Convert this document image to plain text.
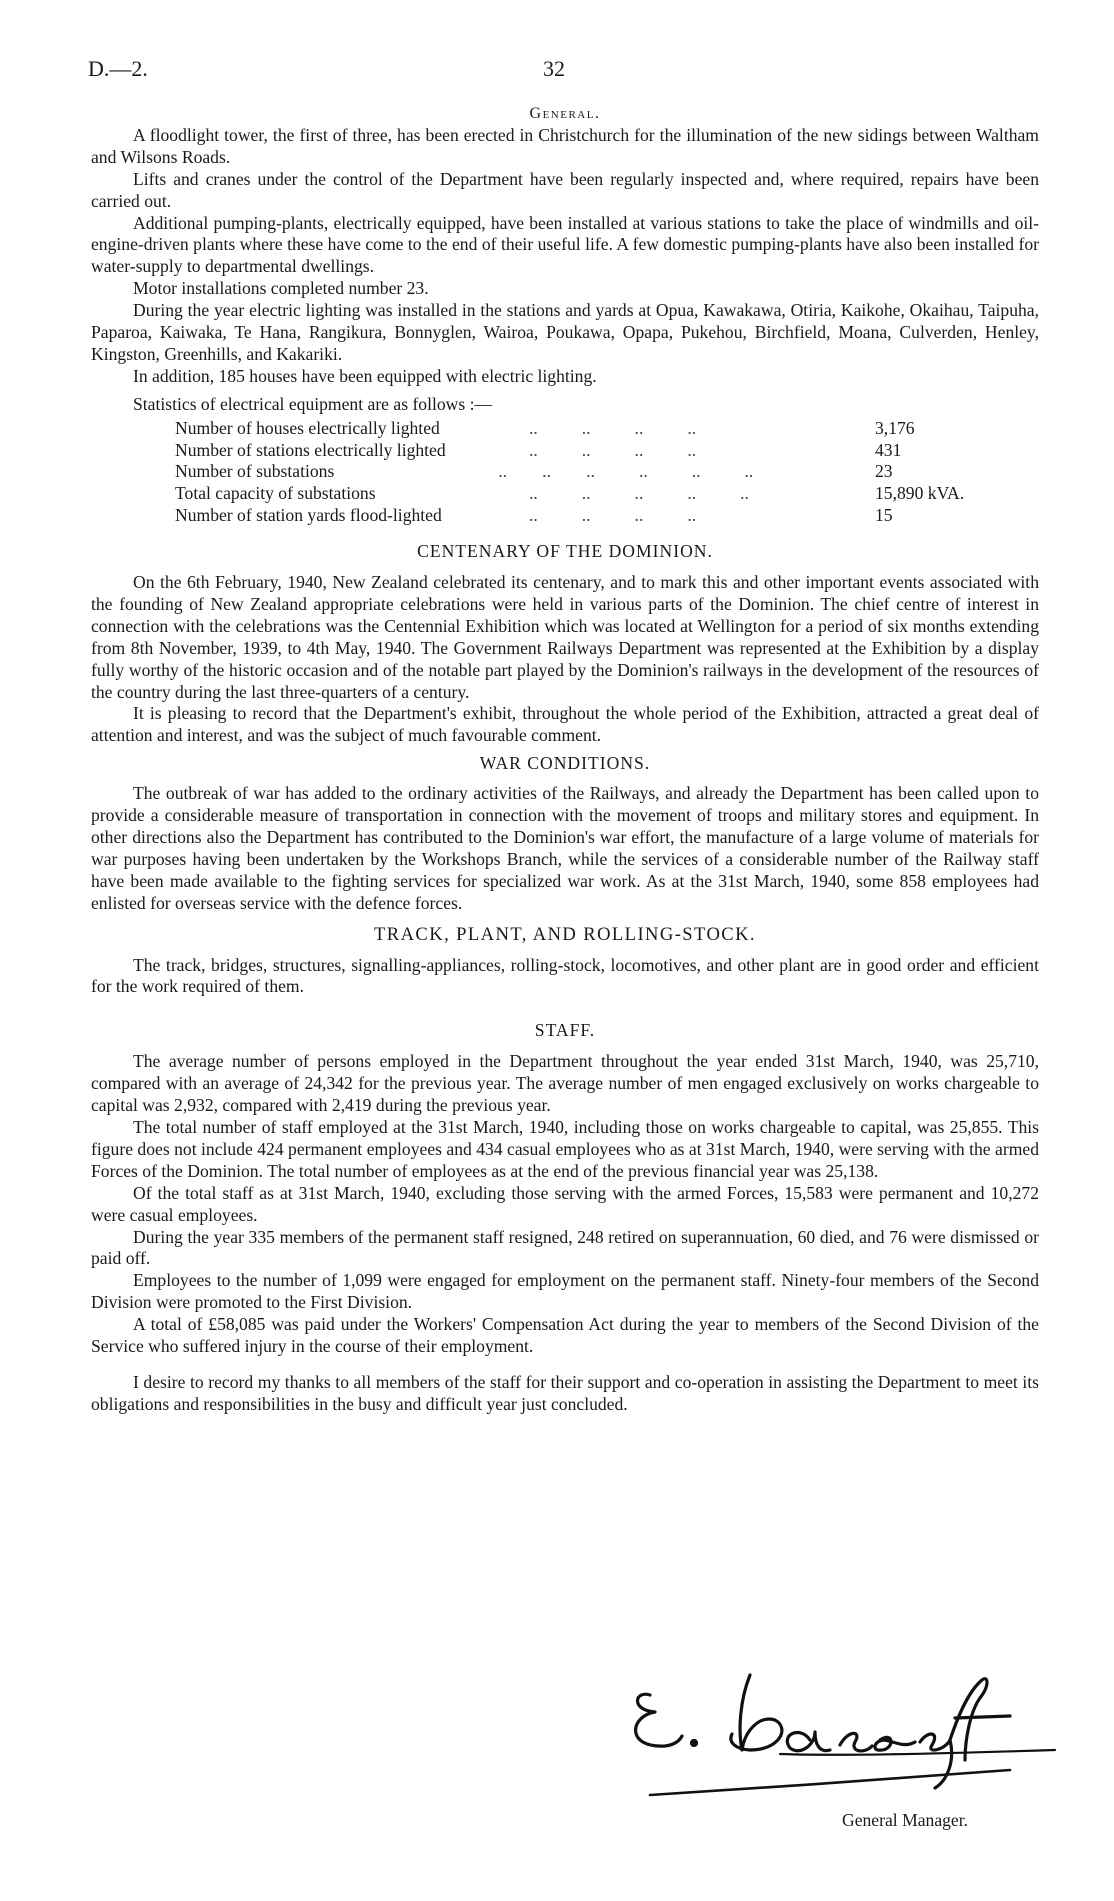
D.—2.	32
General.

A floodlight tower, the first of three, has been erected in Christchurch for the illumination of the new sidings between Waltham and Wilsons Roads.

Lifts and cranes under the control of the Department have been regularly inspected and, where required, repairs have been carried out.

Additional pumping-plants, electrically equipped, have been installed at various stations to take the place of windmills and oil-engine-driven plants where these have come to the end of their useful life. A few domestic pumping-plants have also been installed for water-supply to departmental dwellings.

Motor installations completed number 23.

During the year electric lighting was installed in the stations and yards at Opua, Kawakawa, Otiria, Kaikohe, Okaihau, Taipuha, Paparoa, Kaiwaka, Te Hana, Rangikura, Bonnyglen, Wairoa, Poukawa, Opapa, Pukehou, Birchfield, Moana, Culverden, Henley, Kingston, Greenhills, and Kakariki.

In addition, 185 houses have been equipped with electric lighting.

Statistics of electrical equipment are as follows :—

Number of houses electrically lighted	..          ..          ..          ..	3,176
Number of stations electrically lighted	..          ..          ..          ..	431
Number of substations	..        ..        ..          ..          ..          ..	23
Total capacity of substations	..          ..          ..          ..          ..	15,890 kVA.
Number of station yards flood-lighted	..          ..          ..          ..	15
CENTENARY OF THE DOMINION.

On the 6th February, 1940, New Zealand celebrated its centenary, and to mark this and other important events associated with the founding of New Zealand appropriate celebrations were held in various parts of the Dominion. The chief centre of interest in connection with the celebrations was the Centennial Exhibition which was located at Wellington for a period of six months extending from 8th November, 1939, to 4th May, 1940. The Government Railways Department was represented at the Exhibition by a display fully worthy of the historic occasion and of the notable part played by the Dominion's railways in the development of the resources of the country during the last three-quarters of a century.

It is pleasing to record that the Department's exhibit, throughout the whole period of the Exhibition, attracted a great deal of attention and interest, and was the subject of much favourable comment.

WAR CONDITIONS.

The outbreak of war has added to the ordinary activities of the Railways, and already the Department has been called upon to provide a considerable measure of transportation in connection with the movement of troops and military stores and equipment. In other directions also the Department has contributed to the Dominion's war effort, the manufacture of a large volume of materials for war purposes having been undertaken by the Workshops Branch, while the services of a considerable number of the Railway staff have been made available to the fighting services for specialized war work. As at the 31st March, 1940, some 858 employees had enlisted for overseas service with the defence forces.

TRACK, PLANT, AND ROLLING-STOCK.

The track, bridges, structures, signalling-appliances, rolling-stock, locomotives, and other plant are in good order and efficient for the work required of them.

STAFF.

The average number of persons employed in the Department throughout the year ended 31st March, 1940, was 25,710, compared with an average of 24,342 for the previous year. The average number of men engaged exclusively on works chargeable to capital was 2,932, compared with 2,419 during the previous year.

The total number of staff employed at the 31st March, 1940, including those on works chargeable to capital, was 25,855. This figure does not include 424 permanent employees and 434 casual employees who as at 31st March, 1940, were serving with the armed Forces of the Dominion. The total number of employees as at the end of the previous financial year was 25,138.

Of the total staff as at 31st March, 1940, excluding those serving with the armed Forces, 15,583 were permanent and 10,272 were casual employees.

During the year 335 members of the permanent staff resigned, 248 retired on superannuation, 60 died, and 76 were dismissed or paid off.

Employees to the number of 1,099 were engaged for employment on the permanent staff. Ninety-four members of the Second Division were promoted to the First Division.

A total of £58,085 was paid under the Workers' Compensation Act during the year to members of the Second Division of the Service who suffered injury in the course of their employment.

I desire to record my thanks to all members of the staff for their support and co-operation in assisting the Department to meet its obligations and responsibilities in the busy and difficult year just concluded.

General Manager.
